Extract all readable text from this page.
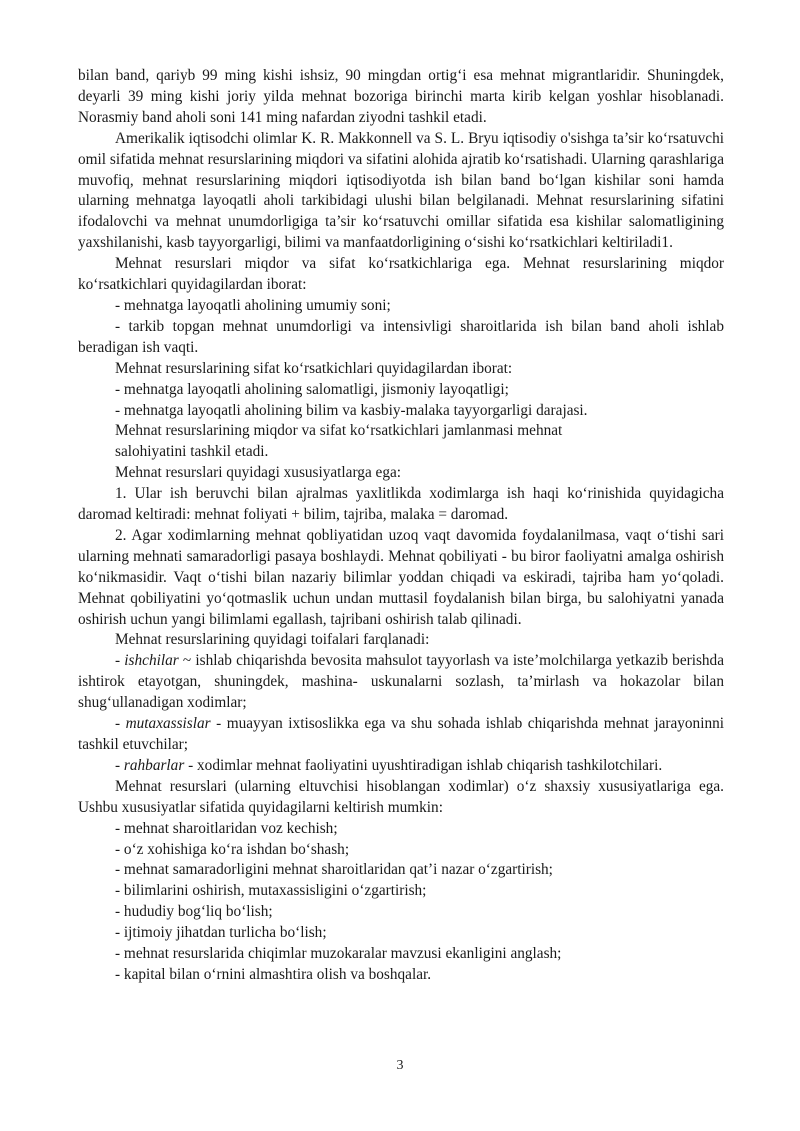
bilan band, qariyb 99 ming kishi ishsiz, 90 mingdan ortig‘i esa mehnat migrantlaridir. Shuningdek, deyarli 39 ming kishi joriy yilda mehnat bozoriga birinchi marta kirib kelgan yoshlar hisoblanadi. Norasmiy band aholi soni 141 ming nafardan ziyodni tashkil etadi.

Amerikalik iqtisodchi olimlar K. R. Makkonnell va S. L. Bryu iqtisodiy o'sishga ta’sir ko‘rsatuvchi omil sifatida mehnat resurslarining miqdori va sifatini alohida ajratib ko‘rsatishadi. Ularning qarashlariga muvofiq, mehnat resurslarining miqdori iqtisodiyotda ish bilan band bo‘lgan kishilar soni hamda ularning mehnatga layoqatli aholi tarkibidagi ulushi bilan belgilanadi. Mehnat resurslarining sifatini ifodalovchi va mehnat unumdorligiga ta’sir ko‘rsatuvchi omillar sifatida esa kishilar salomatligining yaxshilanishi, kasb tayyorgarligi, bilimi va manfaatdorligining o‘sishi ko‘rsatkichlari keltiriladi1.

Mehnat resurslari miqdor va sifat ko‘rsatkichlariga ega. Mehnat resurslarining miqdor ko‘rsatkichlari quyidagilardan iborat:

- mehnatga layoqatli aholining umumiy soni;

- tarkib topgan mehnat unumdorligi va intensivligi sharoitlarida ish bilan band aholi ishlab beradigan ish vaqti.

Mehnat resurslarining sifat ko‘rsatkichlari quyidagilardan iborat:

- mehnatga layoqatli aholining salomatligi, jismoniy layoqatligi;

- mehnatga layoqatli aholining bilim va kasbiy-malaka tayyorgarligi darajasi.

Mehnat resurslarining miqdor va sifat ko‘rsatkichlari jamlanmasi mehnat

salohiyatini tashkil etadi.

Mehnat resurslari quyidagi xususiyatlarga ega:

1. Ular ish beruvchi bilan ajralmas yaxlitlikda xodimlarga ish haqi ko‘rinishida quyidagicha daromad keltiradi: mehnat foliyati + bilim, tajriba, malaka = daromad.

2. Agar xodimlarning mehnat qobliyatidan uzoq vaqt davomida foydalanilmasa, vaqt o‘tishi sari ularning mehnati samaradorligi pasaya boshlaydi. Mehnat qobiliyati - bu biror faoliyatni amalga oshirish ko‘nikmasidir. Vaqt o‘tishi bilan nazariy bilimlar yoddan chiqadi va eskiradi, tajriba ham yo‘qoladi. Mehnat qobiliyatini yo‘qotmaslik uchun undan muttasil foydalanish bilan birga, bu salohiyatni yanada oshirish uchun yangi bilimlami egallash, tajribani oshirish talab qilinadi.

Mehnat resurslarining quyidagi toifalari farqlanadi:

- ishchilar ~ ishlab chiqarishda bevosita mahsulot tayyorlash va iste’molchilarga yetkazib berishda ishtirok etayotgan, shuningdek, mashina- uskunalarni sozlash, ta’mirlash va hokazolar bilan shug‘ullanadigan xodimlar;

- mutaxassislar - muayyan ixtisoslikka ega va shu sohada ishlab chiqarishda mehnat jarayoninni tashkil etuvchilar;

- rahbarlar - xodimlar mehnat faoliyatini uyushtiradigan ishlab chiqarish tashkilotchilari.

Mehnat resurslari (ularning eltuvchisi hisoblangan xodimlar) o‘z shaxsiy xususiyatlariga ega. Ushbu xususiyatlar sifatida quyidagilarni keltirish mumkin:

- mehnat sharoitlaridan voz kechish;

- o‘z xohishiga ko‘ra ishdan bo‘shash;

- mehnat samaradorligini mehnat sharoitlaridan qat’i nazar o‘zgartirish;

- bilimlarini oshirish, mutaxassisligini o‘zgartirish;

- hududiy bog‘liq bo‘lish;

- ijtimoiy jihatdan turlicha bo‘lish;

- mehnat resurslarida chiqimlar muzokaralar mavzusi ekanligini anglash;

- kapital bilan o‘rnini almashtira olish va boshqalar.

3
